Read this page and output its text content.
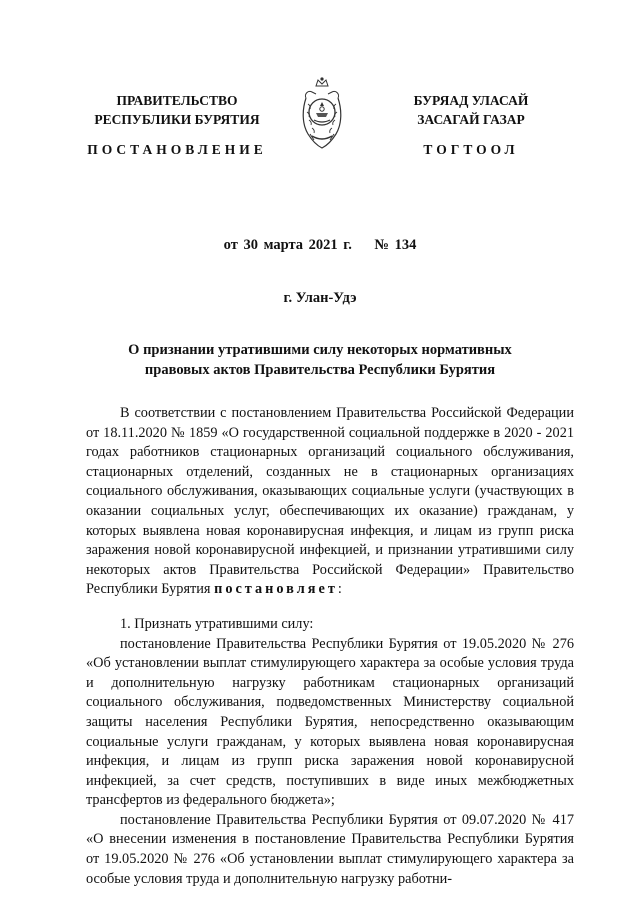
ПРАВИТЕЛЬСТВО
РЕСПУБЛИКИ БУРЯТИЯ
БУРЯАД УЛАСАЙ
ЗАСАГАЙ ГАЗАР
ПОСТАНОВЛЕНИЕ	ТОГТООЛ
от 30 марта 2021 г. № 134
г. Улан-Удэ
О признании утратившими силу некоторых нормативных
правовых актов Правительства Республики Бурятия

В соответствии с постановлением Правительства Российской Федерации от 18.11.2020 № 1859 «О государственной социальной поддержке в 2020 - 2021 годах работников стационарных организаций социального обслуживания, стационарных отделений, созданных не в стационарных организациях социального обслуживания, оказывающих социальные услуги (участвующих в оказании социальных услуг, обеспечивающих их оказание) гражданам, у которых выявлена новая коронавирусная инфекция, и лицам из групп риска заражения новой коронавирусной инфекцией, и признании утратившими силу некоторых актов Правительства Российской Федерации» Правительство Республики Бурятия постановляет:

1. Признать утратившими силу:

постановление Правительства Республики Бурятия от 19.05.2020 № 276 «Об установлении выплат стимулирующего характера за особые условия труда и дополнительную нагрузку работникам стационарных организаций социального обслуживания, подведомственных Министерству социальной защиты населения Республики Бурятия, непосредственно оказывающим социальные услуги гражданам, у которых выявлена новая коронавирусная инфекция, и лицам из групп риска заражения новой коронавирусной инфекцией, за счет средств, поступивших в виде иных межбюджетных трансфертов из федерального бюджета»;

постановление Правительства Республики Бурятия от 09.07.2020 № 417 «О внесении изменения в постановление Правительства Республики Бурятия от 19.05.2020 № 276 «Об установлении выплат стимулирующего характера за особые условия труда и дополнительную нагрузку работни-
